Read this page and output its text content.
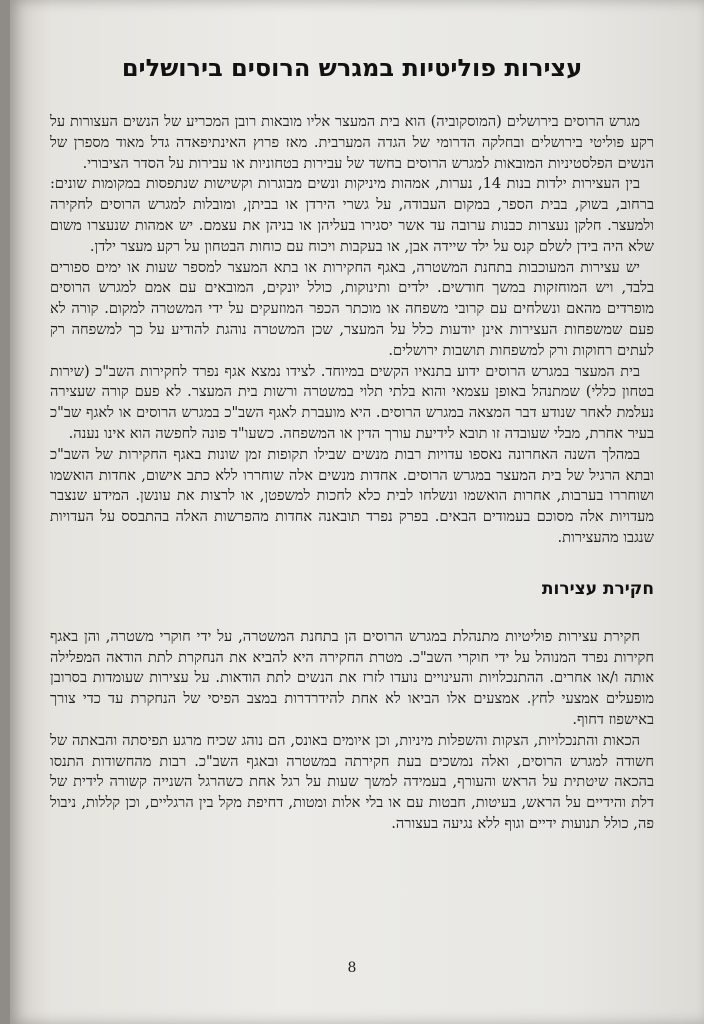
עצירות פוליטיות במגרש הרוסים בירושלים

מגרש הרוסים בירושלים (המוסקוביה) הוא בית המעצר אליו מובאות רובן המכריע של הנשים העצורות על רקע פוליטי בירושלים ובחלקה הדרומי של הגדה המערבית. מאז פרוץ האינתיפאדה גדל מאוד מספרן של הנשים הפלסטיניות המובאות למגרש הרוסים בחשד של עבירות בטחוניות או עבירות על הסדר הציבורי.

בין העצירות ילדות בנות 14, נערות, אמהות מיניקות ונשים מבוגרות וקשישות שנתפסות במקומות שונים: ברחוב, בשוק, בבית הספר, במקום העבודה, על גשרי הירדן או בביתן, ומובלות למגרש הרוסים לחקירה ולמעצר. חלקן נעצרות כבנות ערובה עד אשר יסגירו בעליהן או בניהן את עצמם. יש אמהות שנעצרו משום שלא היה בידן לשלם קנס על ילד שיידה אבן, או בעקבות ויכוח עם כוחות הבטחון על רקע מעצר ילדן.

יש עצירות המעוכבות בתחנת המשטרה, באגף החקירות או בתא המעצר למספר שעות או ימים ספורים בלבד, ויש המוחזקות במשך חודשים. ילדים ותינוקות, כולל יונקים, המובאים עם אמם למגרש הרוסים מופרדים מהאם ונשלחים עם קרובי משפחה או מוכתר הכפר המוזעקים על ידי המשטרה למקום. קורה לא פעם שמשפחות העצירות אינן יודעות כלל על המעצר, שכן המשטרה נוהגת להודיע על כך למשפחה רק לעתים רחוקות ורק למשפחות תושבות ירושלים.

בית המעצר במגרש הרוסים ידוע בתנאיו הקשים במיוחד. לצידו נמצא אגף נפרד לחקירות השב"כ (שירות בטחון כללי) שמתנהל באופן עצמאי והוא בלתי תלוי במשטרה ורשות בית המעצר. לא פעם קורה שעצירה נעלמת לאחר שנודע דבר המצאה במגרש הרוסים. היא מועברת לאגף השב"כ במגרש הרוסים או לאגף שב"כ בעיר אחרת, מבלי שעובדה זו תובא לידיעת עורך הדין או המשפחה. כשעו"ד פונה לחפשה הוא אינו נענה.

במהלך השנה האחרונה נאספו עדויות רבות מנשים שבילו תקופות זמן שונות באגף החקירות של השב"כ ובתא הרגיל של בית המעצר במגרש הרוסים. אחדות מנשים אלה שוחררו ללא כתב אישום, אחדות הואשמו ושוחררו בערבות, אחרות הואשמו ונשלחו לבית כלא לחכות למשפטן, או לרצות את עונשן. המידע שנצבר מעדויות אלה מסוכם בעמודים הבאים. בפרק נפרד תובאנה אחדות מהפרשות האלה בהתבסס על העדויות שנגבו מהעצירות.

חקירת עצירות

חקירת עצירות פוליטיות מתנהלת במגרש הרוסים הן בתחנת המשטרה, על ידי חוקרי משטרה, והן באגף חקירות נפרד המנוהל על ידי חוקרי השב"כ. מטרת החקירה היא להביא את הנחקרת לתת הודאה המפלילה אותה ו/או אחרים. ההתנכלויות והעינויים נועדו לזרז את הנשים לתת הודאות. על עצירות שעומדות בסרובן מופעלים אמצעי לחץ. אמצעים אלו הביאו לא אחת להידרדרות במצב הפיסי של הנחקרת עד כדי צורך באישפוז דחוף.

הכאות והתנכלויות, הצקות והשפלות מיניות, וכן איומים באונס, הם נוהג שכיח מרגע תפיסתה והבאתה של חשודה למגרש הרוסים, ואלה נמשכים בעת חקירתה במשטרה ובאגף השב"כ. רבות מהחשודות התנסו בהכאה שיטתית על הראש והעורף, בעמידה למשך שעות על רגל אחת כשהרגל השנייה קשורה לידית של דלת והידיים על הראש, בעיטות, חבטות עם או בלי אלות ומטות, דחיפת מקל בין הרגליים, וכן קללות, ניבול פה, כולל תנועות ידיים וגוף ללא נגיעה בעצורה.

8
